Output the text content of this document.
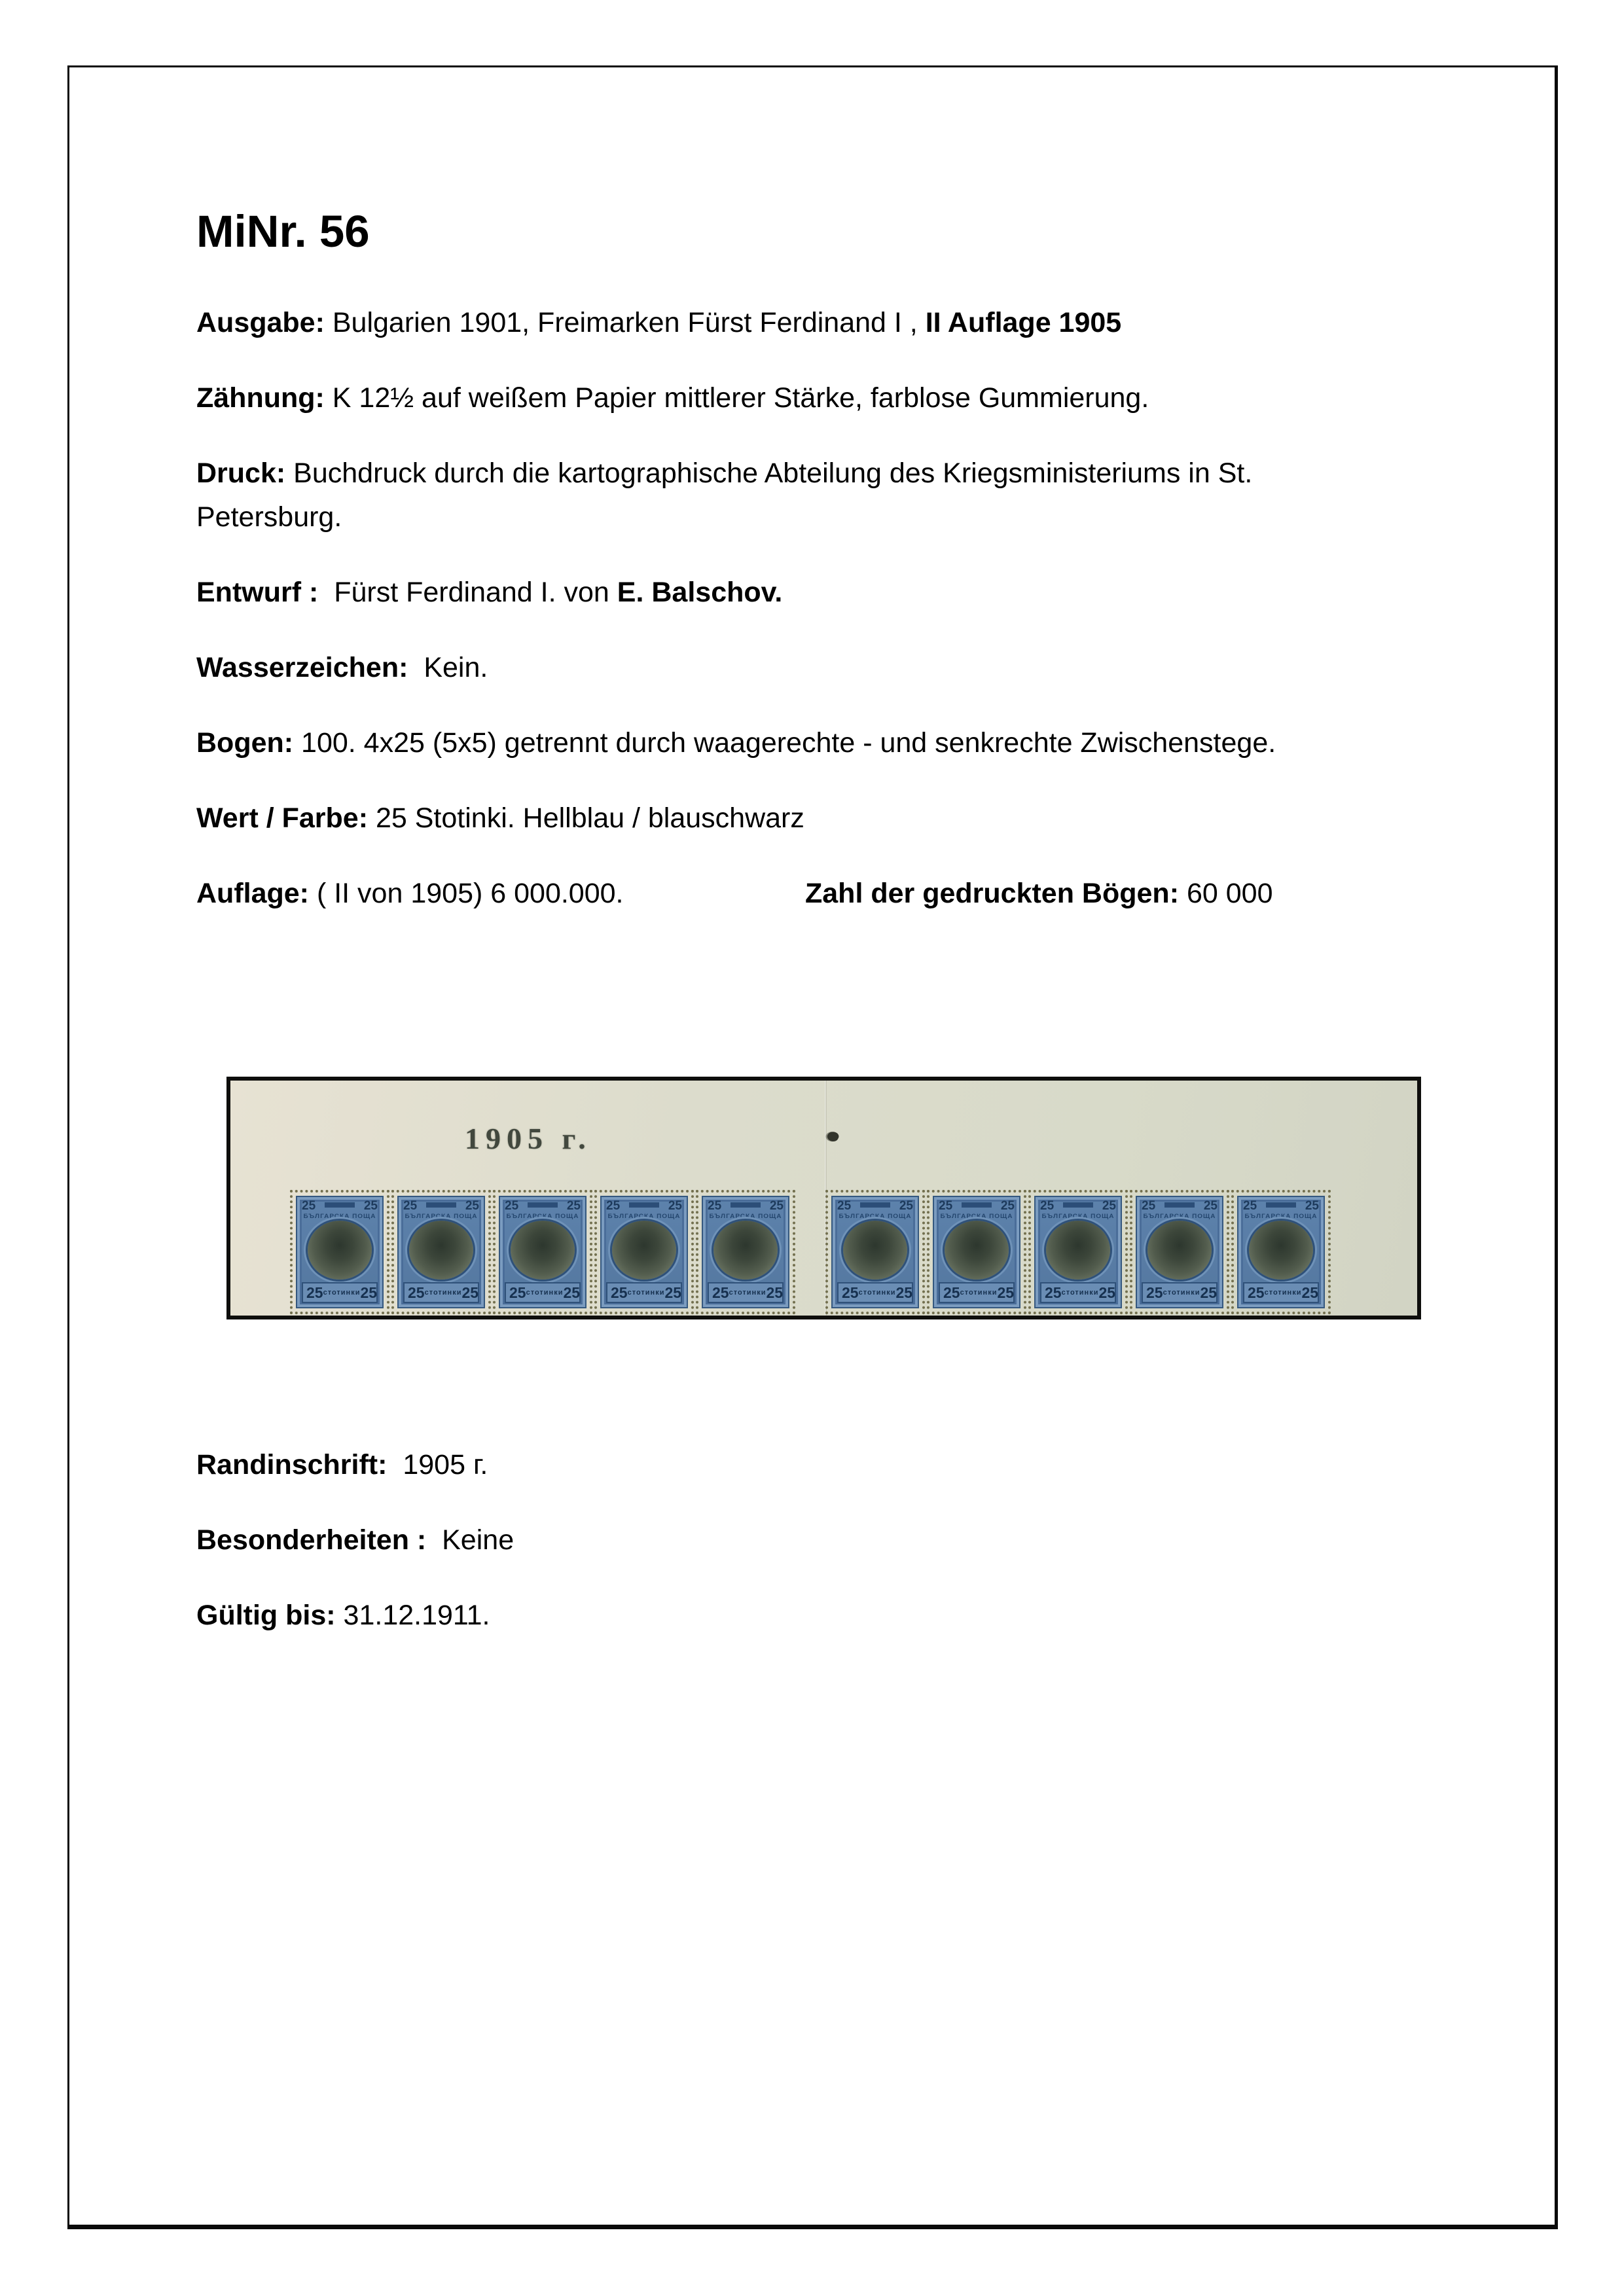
MiNr. 56

Ausgabe: Bulgarien 1901, Freimarken Fürst Ferdinand I , II Auflage 1905

Zähnung: K 12½ auf weißem Papier mittlerer Stärke, farblose Gummierung.

Druck: Buchdruck durch die kartographische Abteilung des Kriegsministeriums in St. Petersburg.

Entwurf :  Fürst Ferdinand I. von E. Balschov.

Wasserzeichen:  Kein.

Bogen: 100. 4x25 (5x5) getrennt durch waagerechte - und senkrechte Zwischenstege.

Wert / Farbe: 25 Stotinki. Hellblau / blauschwarz

Auflage: ( II von 1905) 6 000.000.	Zahl der gedruckten Bögen: 60 000

1905 г.
25	25
БЪЛГАРСКА ПОЩА
25 стотинки 25
25	25
БЪЛГАРСКА ПОЩА
25 стотинки 25
25	25
БЪЛГАРСКА ПОЩА
25 стотинки 25
25	25
БЪЛГАРСКА ПОЩА
25 стотинки 25
25	25
БЪЛГАРСКА ПОЩА
25 стотинки 25
25	25
БЪЛГАРСКА ПОЩА
25 стотинки 25
25	25
БЪЛГАРСКА ПОЩА
25 стотинки 25
25	25
БЪЛГАРСКА ПОЩА
25 стотинки 25
25	25
БЪЛГАРСКА ПОЩА
25 стотинки 25
25	25
БЪЛГАРСКА ПОЩА
25 стотинки 25

Randinschrift:  1905 г.

Besonderheiten :  Keine

Gültig bis: 31.12.1911.
